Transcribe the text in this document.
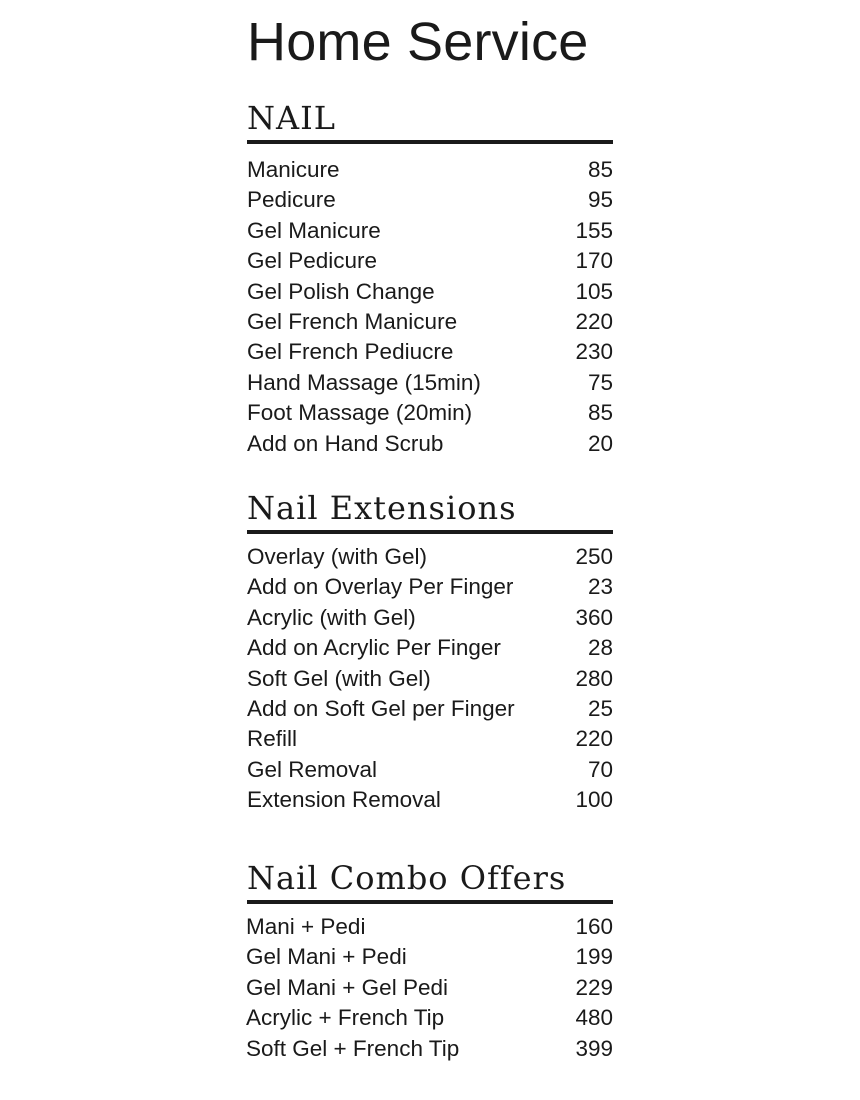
Home Service
NAIL
Manicure	85
Pedicure	95
Gel Manicure	155
Gel Pedicure	170
Gel Polish Change	105
Gel French Manicure	220
Gel French Pediucre	230
Hand Massage (15min)	75
Foot Massage (20min)	85
Add on Hand Scrub	20
Nail Extensions
Overlay (with Gel)	250
Add on Overlay Per Finger	23
Acrylic (with Gel)	360
Add on Acrylic Per Finger	28
Soft Gel (with Gel)	280
Add on Soft Gel per Finger	25
Refill	220
Gel Removal	70
Extension Removal	100
Nail Combo Offers
Mani + Pedi	160
Gel Mani + Pedi	199
Gel Mani + Gel Pedi	229
Acrylic + French Tip	480
Soft Gel + French Tip	399
